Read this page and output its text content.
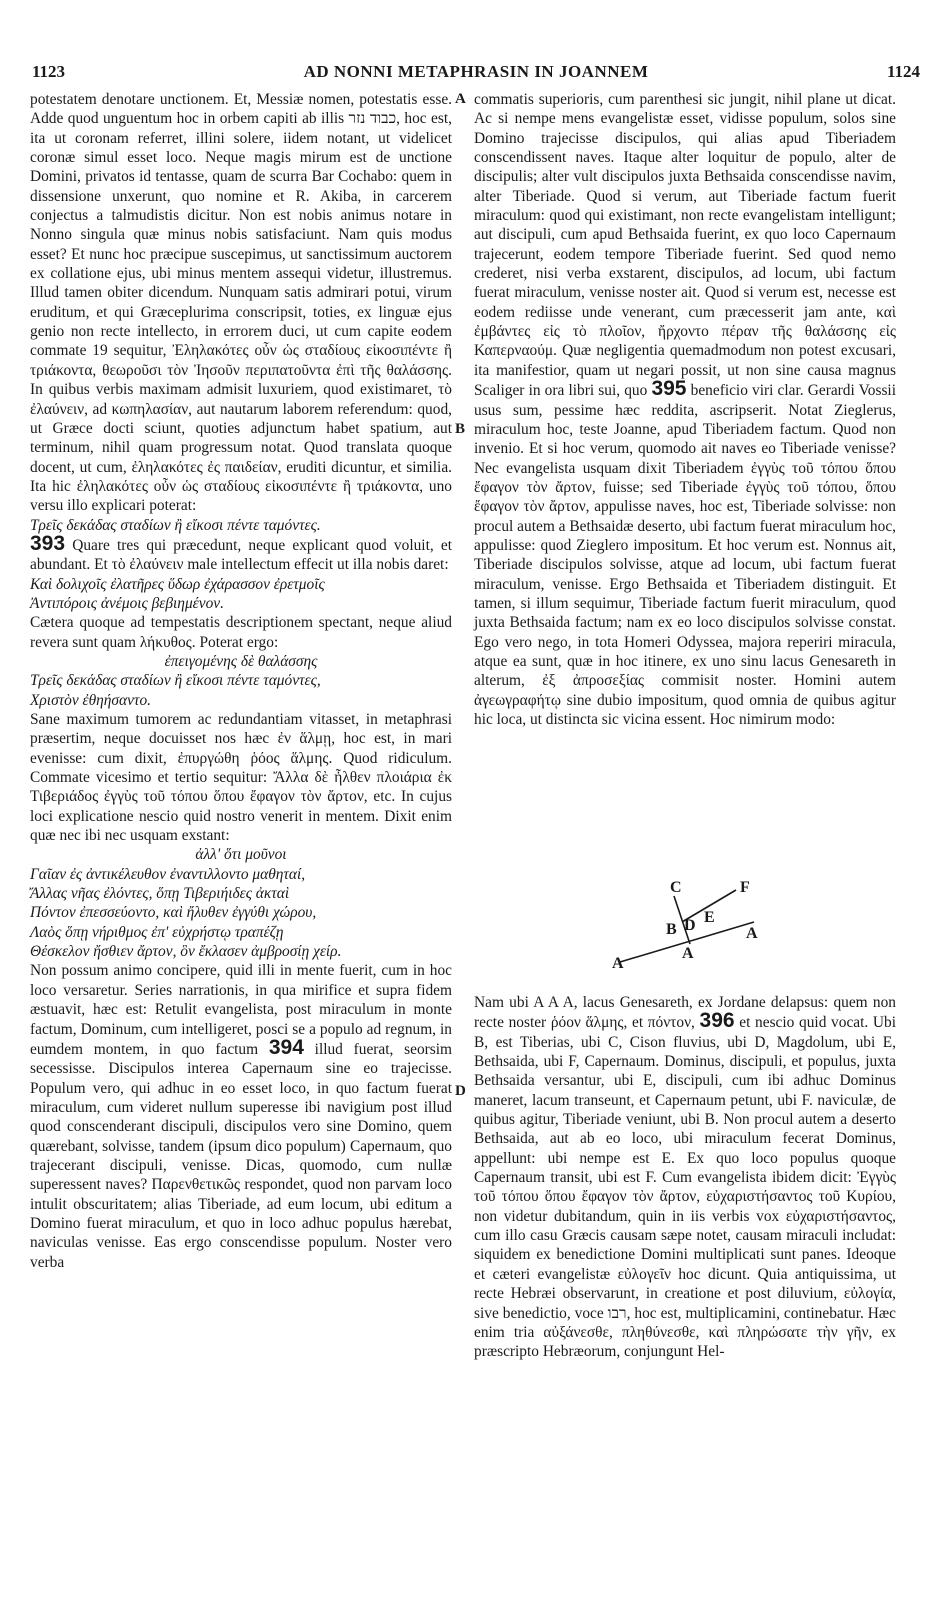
1123	AD NONNI METAPHRASIN IN JOANNEM	1124
A
B
D

potestatem denotare unctionem. Et, Messiæ nomen, potestatis esse. Adde quod unguentum hoc in orbem capiti ab illis כבוד נזר, hoc est, ita ut coronam referret, illini solere, iidem notant, ut videlicet coronæ simul esset loco. Neque magis mirum est de unctione Domini, privatos id tentasse, quam de scurra Bar Cochabo: quem in dissensione unxerunt, quo nomine et R. Akiba, in carcerem conjectus a talmudistis dicitur. Non est nobis animus notare in Nonno singula quæ minus nobis satisfaciunt. Nam quis modus esset? Et nunc hoc præcipue suscepimus, ut sanctissimum auctorem ex collatione ejus, ubi minus mentem assequi videtur, illustremus. Illud tamen obiter dicendum. Nunquam satis admirari potui, virum eruditum, et qui Græceplurima conscripsit, toties, ex linguæ ejus genio non recte intellecto, in errorem duci, ut cum capite eodem commate 19 sequitur, Ἐληλακότες οὖν ὡς σταδίους εἰκοσιπέντε ἢ τριάκοντα, θεωροῦσι τὸν Ἰησοῦν περιπατοῦντα ἐπὶ τῆς θαλάσσης. In quibus verbis maximam admisit luxuriem, quod existimaret, τὸ ἐλαύνειν, ad κωπηλασίαν, aut nautarum laborem referendum: quod, ut Græce docti sciunt, quoties adjunctum habet spatium, aut terminum, nihil quam progressum notat. Quod translata quoque docent, ut cum, ἐληλακότες ἐς παιδείαν, eruditi dicuntur, et similia. Ita hic ἐληλακότες οὖν ὡς σταδίους εἰκοσιπέντε ἢ τριάκοντα, uno versu illo explicari poterat:

Τρεῖς δεκάδας σταδίων ἢ εἴκοσι πέντε ταμόντες.

393 Quare tres qui præcedunt, neque explicant quod voluit, et abundant. Et τὸ ἐλαύνειν male intellectum effecit ut illa nobis daret:

Καὶ δολιχοῖς ἐλατῆρες ὕδωρ ἐχάρασσον ἐρετμοῖς

Ἀντιπόροις ἀνέμοις βεβιημένον.

Cætera quoque ad tempestatis descriptionem spectant, neque aliud revera sunt quam λήκυθος. Poterat ergo:

ἐπειγομένης δὲ θαλάσσης

Τρεῖς δεκάδας σταδίων ἢ εἴκοσι πέντε ταμόντες,

Χριστὸν ἐθηήσαντο.

Sane maximum tumorem ac redundantiam vitasset, in metaphrasi præsertim, neque docuisset nos hæc ἐν ἅλμῃ, hoc est, in mari evenisse: cum dixit, ἐπυργώθη ῥόος ἅλμης. Quod ridiculum. Commate vicesimo et tertio sequitur: Ἄλλα δὲ ἦλθεν πλοιάρια ἐκ Τιβεριάδος ἐγγὺς τοῦ τόπου ὅπου ἔφαγον τὸν ἄρτον, etc. In cujus loci explicatione nescio quid nostro venerit in mentem. Dixit enim quæ nec ibi nec usquam exstant:

ἀλλ' ὅτι μοῦνοι

Γαῖαν ἐς ἀντικέλευθον ἐναντιλλοντο μαθηταί,

Ἄλλας νῆας ἐλόντες, ὅπῃ Τιβεριήιδες ἀκταὶ

Πόντον ἐπεσσεύοντο, καὶ ἤλυθεν ἐγγύθι χώρου,

Λαὸς ὅπῃ νήριθμος ἐπ' εὐχρήστῳ τραπέζῃ

Θέσκελον ἤσθιεν ἄρτον, ὃν ἔκλασεν ἀμβροσίῃ χείρ.

Non possum animo concipere, quid illi in mente fuerit, cum in hoc loco versaretur. Series narrationis, in qua mirifice et supra fidem æstuavit, hæc est: Retulit evangelista, post miraculum in monte factum, Dominum, cum intelligeret, posci se a populo ad regnum, in eumdem montem, in quo factum 394 illud fuerat, seorsim secessisse. Discipulos interea Capernaum sine eo trajecisse. Populum vero, qui adhuc in eo esset loco, in quo factum fuerat miraculum, cum videret nullum superesse ibi navigium post illud quod conscenderant discipuli, discipulos vero sine Domino, quem quærebant, solvisse, tandem (ipsum dico populum) Capernaum, quo trajecerant discipuli, venisse. Dicas, quomodo, cum nullæ superessent naves? Παρενθετικῶς respondet, quod non parvam loco intulit obscuritatem; alias Tiberiade, ad eum locum, ubi editum a Domino fuerat miraculum, et quo in loco adhuc populus hærebat, naviculas venisse. Eas ergo conscendisse populum. Noster vero verba

commatis superioris, cum parenthesi sic jungit, nihil plane ut dicat. Ac si nempe mens evangelistæ esset, vidisse populum, solos sine Domino trajecisse discipulos, qui alias apud Tiberiadem conscendissent naves. Itaque alter loquitur de populo, alter de discipulis; alter vult discipulos juxta Bethsaida conscendisse navim, alter Tiberiade. Quod si verum, aut Tiberiade factum fuerit miraculum: quod qui existimant, non recte evangelistam intelligunt; aut discipuli, cum apud Bethsaida fuerint, ex quo loco Capernaum trajecerunt, eodem tempore Tiberiade fuerint. Sed quod nemo crederet, nisi verba exstarent, discipulos, ad locum, ubi factum fuerat miraculum, venisse noster ait. Quod si verum est, necesse est eodem rediisse unde venerant, cum præcesserit jam ante, καὶ ἐμβάντες εἰς τὸ πλοῖον, ἤρχοντο πέραν τῆς θαλάσσης εἰς Καπερναούμ. Quæ negligentia quemadmodum non potest excusari, ita manifestior, quam ut negari possit, ut non sine causa magnus Scaliger in ora libri sui, quo 395 beneficio viri clar. Gerardi Vossii usus sum, pessime hæc reddita, ascripserit. Notat Zieglerus, miraculum hoc, teste Joanne, apud Tiberiadem factum. Quod non invenio. Et si hoc verum, quomodo ait naves eo Tiberiade venisse? Nec evangelista usquam dixit Tiberiadem ἐγγὺς τοῦ τόπου ὅπου ἔφαγον τὸν ἄρτον, fuisse; sed Tiberiade ἐγγὺς τοῦ τόπου, ὅπου ἔφαγον τὸν ἄρτον, appulisse naves, hoc est, Tiberiade solvisse: non procul autem a Bethsaidæ deserto, ubi factum fuerat miraculum hoc, appulisse: quod Zieglero impositum. Et hoc verum est. Nonnus ait, Tiberiade discipulos solvisse, atque ad locum, ubi factum fuerat miraculum, venisse. Ergo Bethsaida et Tiberiadem distinguit. Et tamen, si illum sequimur, Tiberiade factum fuerit miraculum, quod juxta Bethsaida factum; nam ex eo loco discipulos solvisse constat. Ego vero nego, in tota Homeri Odyssea, majora reperiri miracula, atque ea sunt, quæ in hoc itinere, ex uno sinu lacus Genesareth in alterum, ἐξ ἀπροσεξίας commisit noster. Homini autem ἀγεωγραφήτῳ sine dubio impositum, quod omnia de quibus agitur hic loca, ut distincta sic vicina essent. Hoc nimirum modo:

C	F
B D E
A
A
A

Nam ubi A A A, lacus Genesareth, ex Jordane delapsus: quem non recte noster ῥόον ἅλμης, et πόντον, 396 et nescio quid vocat. Ubi B, est Tiberias, ubi C, Cison fluvius, ubi D, Magdolum, ubi E, Bethsaida, ubi F, Capernaum. Dominus, discipuli, et populus, juxta Bethsaida versantur, ubi E, discipuli, cum ibi adhuc Dominus maneret, lacum transeunt, et Capernaum petunt, ubi F. naviculæ, de quibus agitur, Tiberiade veniunt, ubi B. Non procul autem a deserto Bethsaida, aut ab eo loco, ubi miraculum fecerat Dominus, appellunt: ubi nempe est E. Ex quo loco populus quoque Capernaum transit, ubi est F. Cum evangelista ibidem dicit: Ἐγγὺς τοῦ τόπου ὅπου ἔφαγον τὸν ἄρτον, εὐχαριστήσαντος τοῦ Κυρίου, non videtur dubitandum, quin in iis verbis vox εὐχαριστήσαντος, cum illo casu Græcis causam sæpe notet, causam miraculi includat: siquidem ex benedictione Domini multiplicati sunt panes. Ideoque et cæteri evangelistæ εὐλογεῖν hoc dicunt. Quia antiquissima, ut recte Hebræi observarunt, in creatione et post diluvium, εὐλογία, sive benedictio, voce רבו, hoc est, multiplicamini, continebatur. Hæc enim tria αὐξάνεσθε, πληθύνεσθε, καὶ πληρώσατε τὴν γῆν, ex præscripto Hebræorum, conjungunt Hel-
